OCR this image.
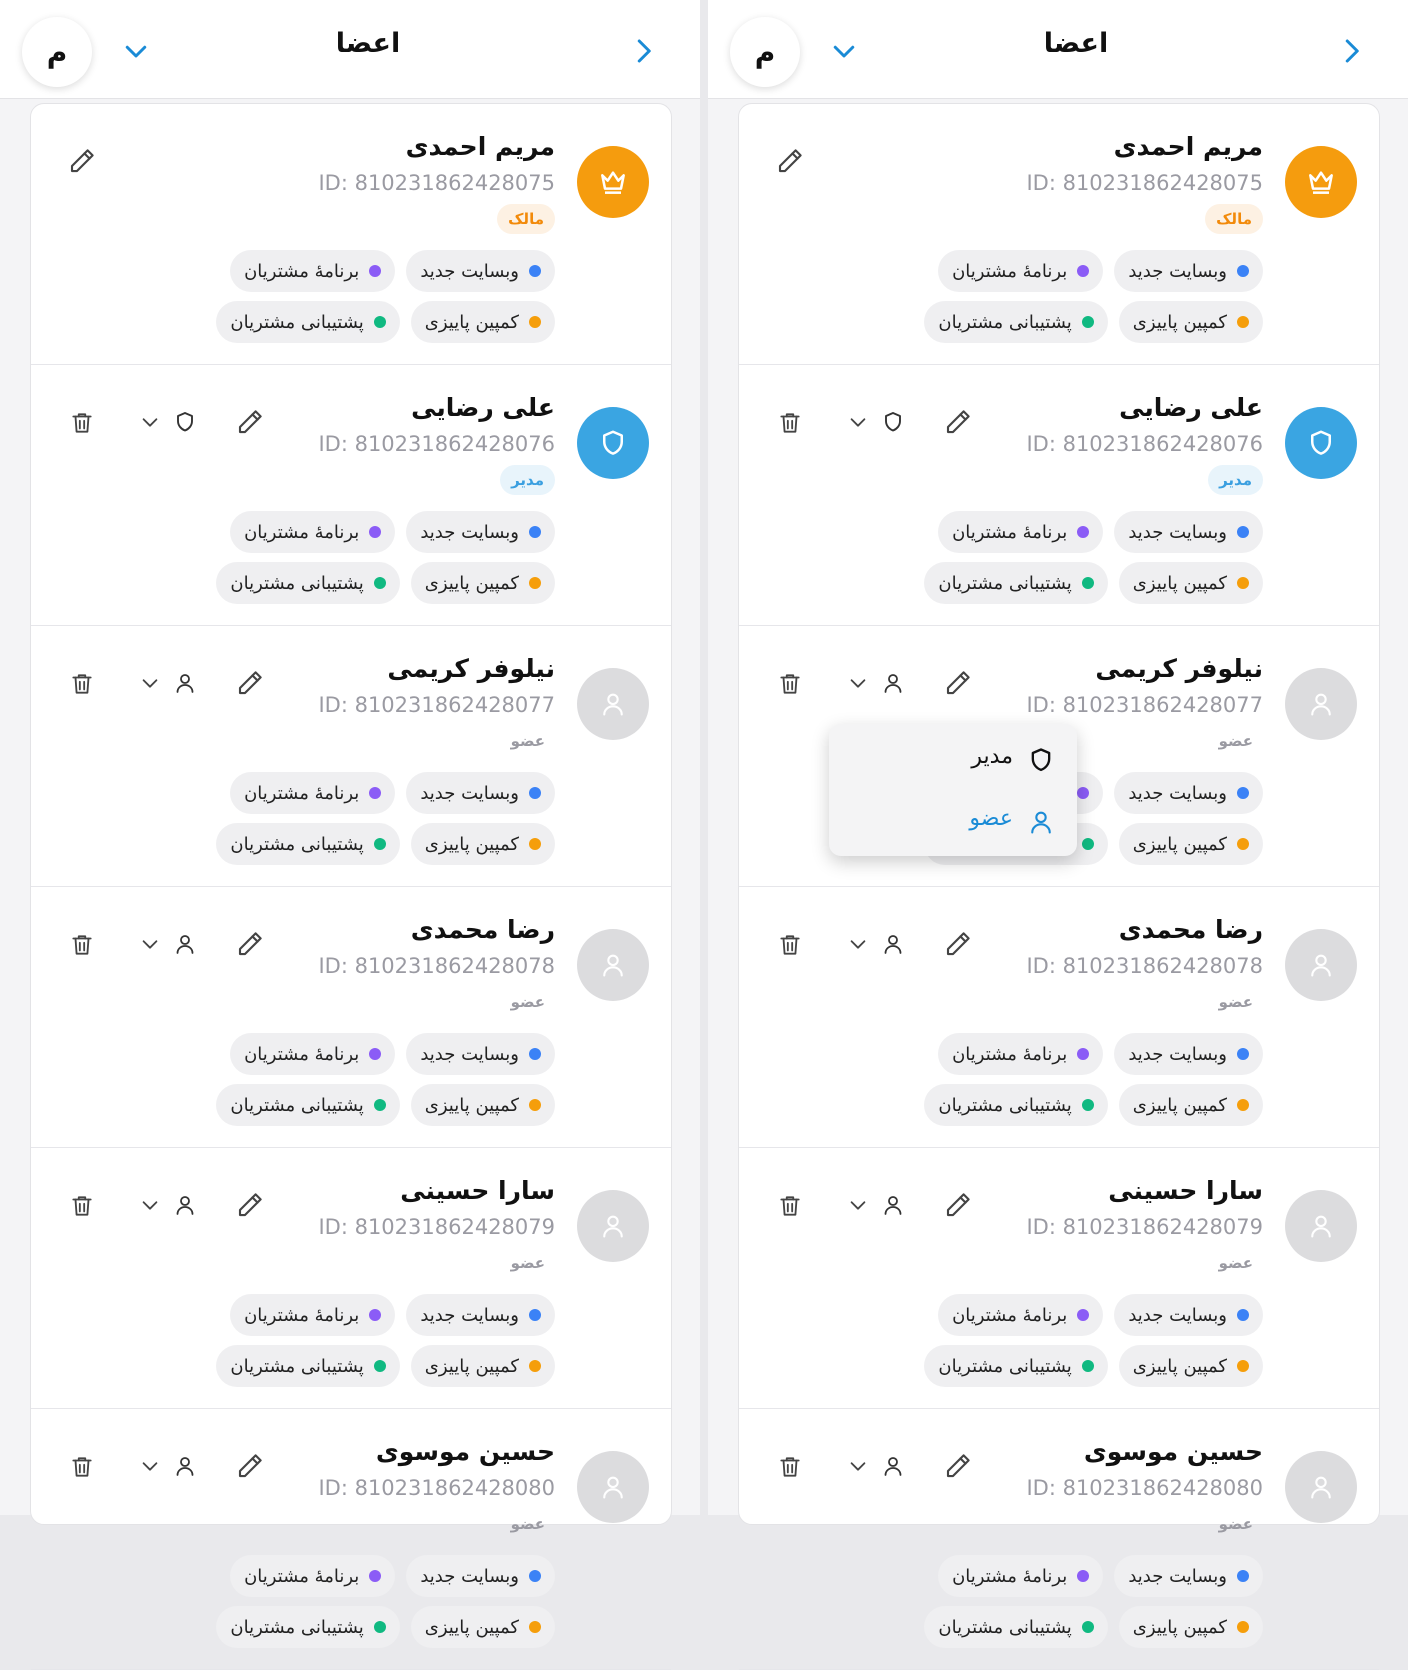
م	اعضا
مریم احمدی
ID: 810231862428075
مالک
وبسایت جدید
برنامهٔ مشتریان
کمپین پاییزی
پشتیبانی مشتریان
علی رضایی
ID: 810231862428076
مدیر
وبسایت جدید
برنامهٔ مشتریان
کمپین پاییزی
پشتیبانی مشتریان
نیلوفر کریمی
ID: 810231862428077
عضو
وبسایت جدید
برنامهٔ مشتریان
کمپین پاییزی
پشتیبانی مشتریان
رضا محمدی
ID: 810231862428078
عضو
وبسایت جدید
برنامهٔ مشتریان
کمپین پاییزی
پشتیبانی مشتریان
سارا حسینی
ID: 810231862428079
عضو
وبسایت جدید
برنامهٔ مشتریان
کمپین پاییزی
پشتیبانی مشتریان
حسین موسوی
ID: 810231862428080
عضو
وبسایت جدید
برنامهٔ مشتریان
کمپین پاییزی
پشتیبانی مشتریان
م	اعضا
مریم احمدی
ID: 810231862428075
مالک
وبسایت جدید
برنامهٔ مشتریان
کمپین پاییزی
پشتیبانی مشتریان
علی رضایی
ID: 810231862428076
مدیر
وبسایت جدید
برنامهٔ مشتریان
کمپین پاییزی
پشتیبانی مشتریان
نیلوفر کریمی
ID: 810231862428077
عضو
وبسایت جدید
کمپین پاییزی
رضا محمدی
ID: 810231862428078
عضو
وبسایت جدید
برنامهٔ مشتریان
کمپین پاییزی
پشتیبانی مشتریان
سارا حسینی
ID: 810231862428079
عضو
وبسایت جدید
برنامهٔ مشتریان
کمپین پاییزی
پشتیبانی مشتریان
حسین موسوی
ID: 810231862428080
عضو
وبسایت جدید
برنامهٔ مشتریان
کمپین پاییزی
پشتیبانی مشتریان
مدیر
عضو
